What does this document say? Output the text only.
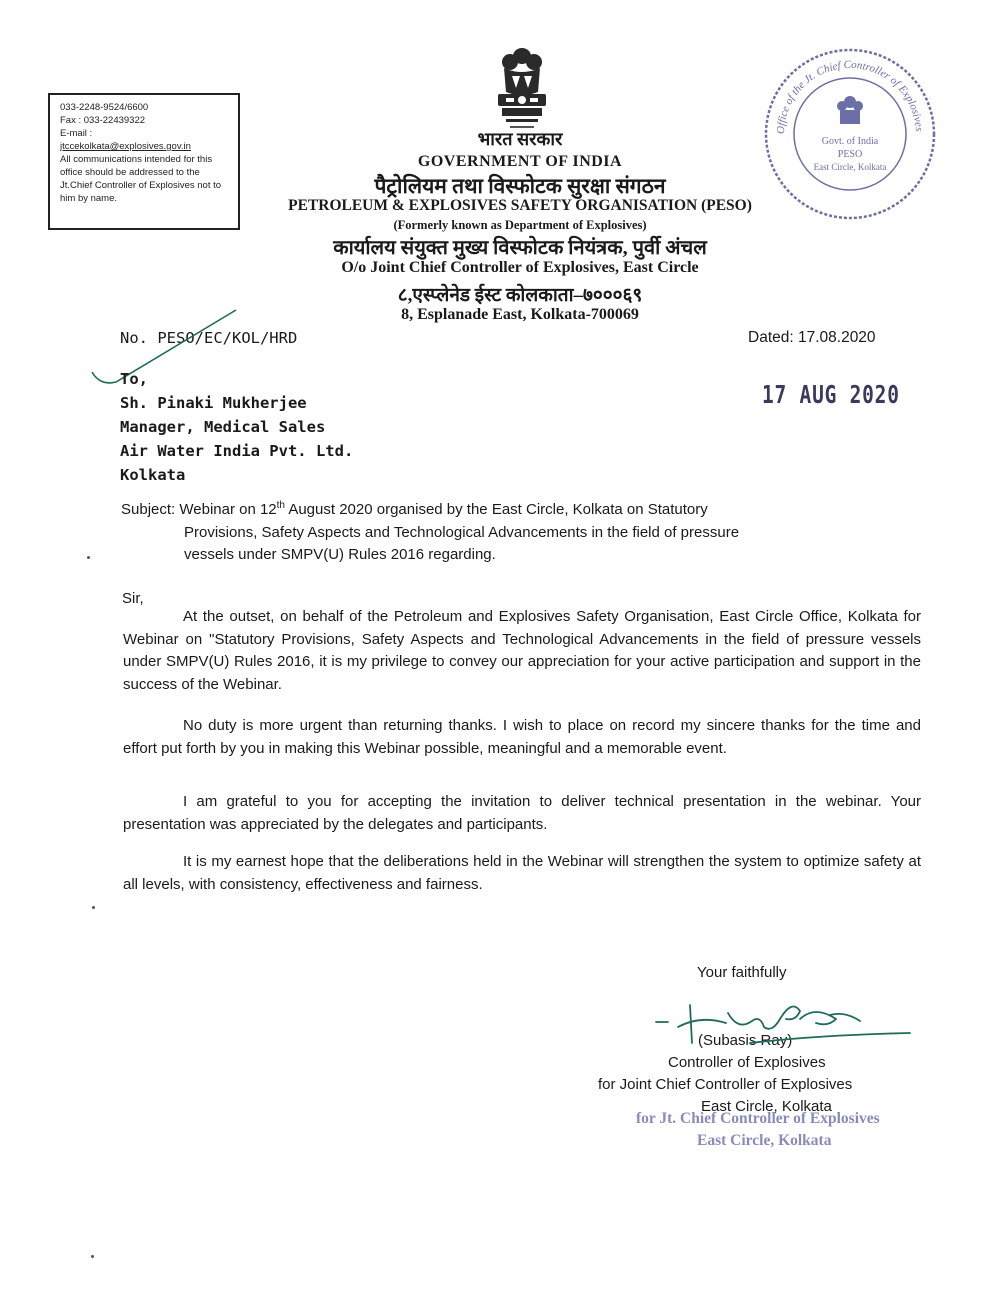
033-2248-9524/6600
Fax : 033-22439322
E-mail :
jtccekolkata@explosives.gov.in
All communications intended for this office should be addressed to the Jt.Chief Controller of Explosives not to him by name.
भारत सरकार
GOVERNMENT OF INDIA
पैट्रोलियम तथा विस्फोटक सुरक्षा संगठन
PETROLEUM & EXPLOSIVES SAFETY ORGANISATION (PESO)
(Formerly known as Department of Explosives)
कार्यालय संयुक्त मुख्य विस्फोटक नियंत्रक, पुर्वी अंचल
O/o Joint Chief Controller of Explosives, East Circle
८,एस्प्लेनेड ईस्ट कोलकाता–७०००६९
8, Esplanade East, Kolkata-700069
Office of the Jt. Chief Controller of Explosives
Govt. of India
PESO
East Circle, Kolkata
No. PESO/EC/KOL/HRD	Dated: 17.08.2020
17 AUG 2020
To,
Sh. Pinaki Mukherjee
Manager, Medical Sales
Air Water India Pvt. Ltd.
Kolkata
Subject: Webinar on 12th August 2020 organised by the East Circle, Kolkata on Statutory
Provisions, Safety Aspects and Technological Advancements in the field of pressure
vessels under SMPV(U) Rules 2016 regarding.
Sir,
At the outset, on behalf of the Petroleum and Explosives Safety Organisation, East Circle Office, Kolkata for Webinar on "Statutory Provisions, Safety Aspects and Technological Advancements in the field of pressure vessels under SMPV(U) Rules 2016, it is my privilege to convey our appreciation for your active participation and support in the success of the Webinar.
No duty is more urgent than returning thanks. I wish to place on record my sincere thanks for the time and effort put forth by you in making this Webinar possible, meaningful and a memorable event.
I am grateful to you for accepting the invitation to deliver technical presentation in the webinar. Your presentation was appreciated by the delegates and participants.
It is my earnest hope that the deliberations held in the Webinar will strengthen the system to optimize safety at all levels, with consistency, effectiveness and fairness.
Your faithfully
(Subasis Ray)
Controller of Explosives
for Joint Chief Controller of Explosives
East Circle, Kolkata
for Jt. Chief Controller of Explosives
East Circle, Kolkata
